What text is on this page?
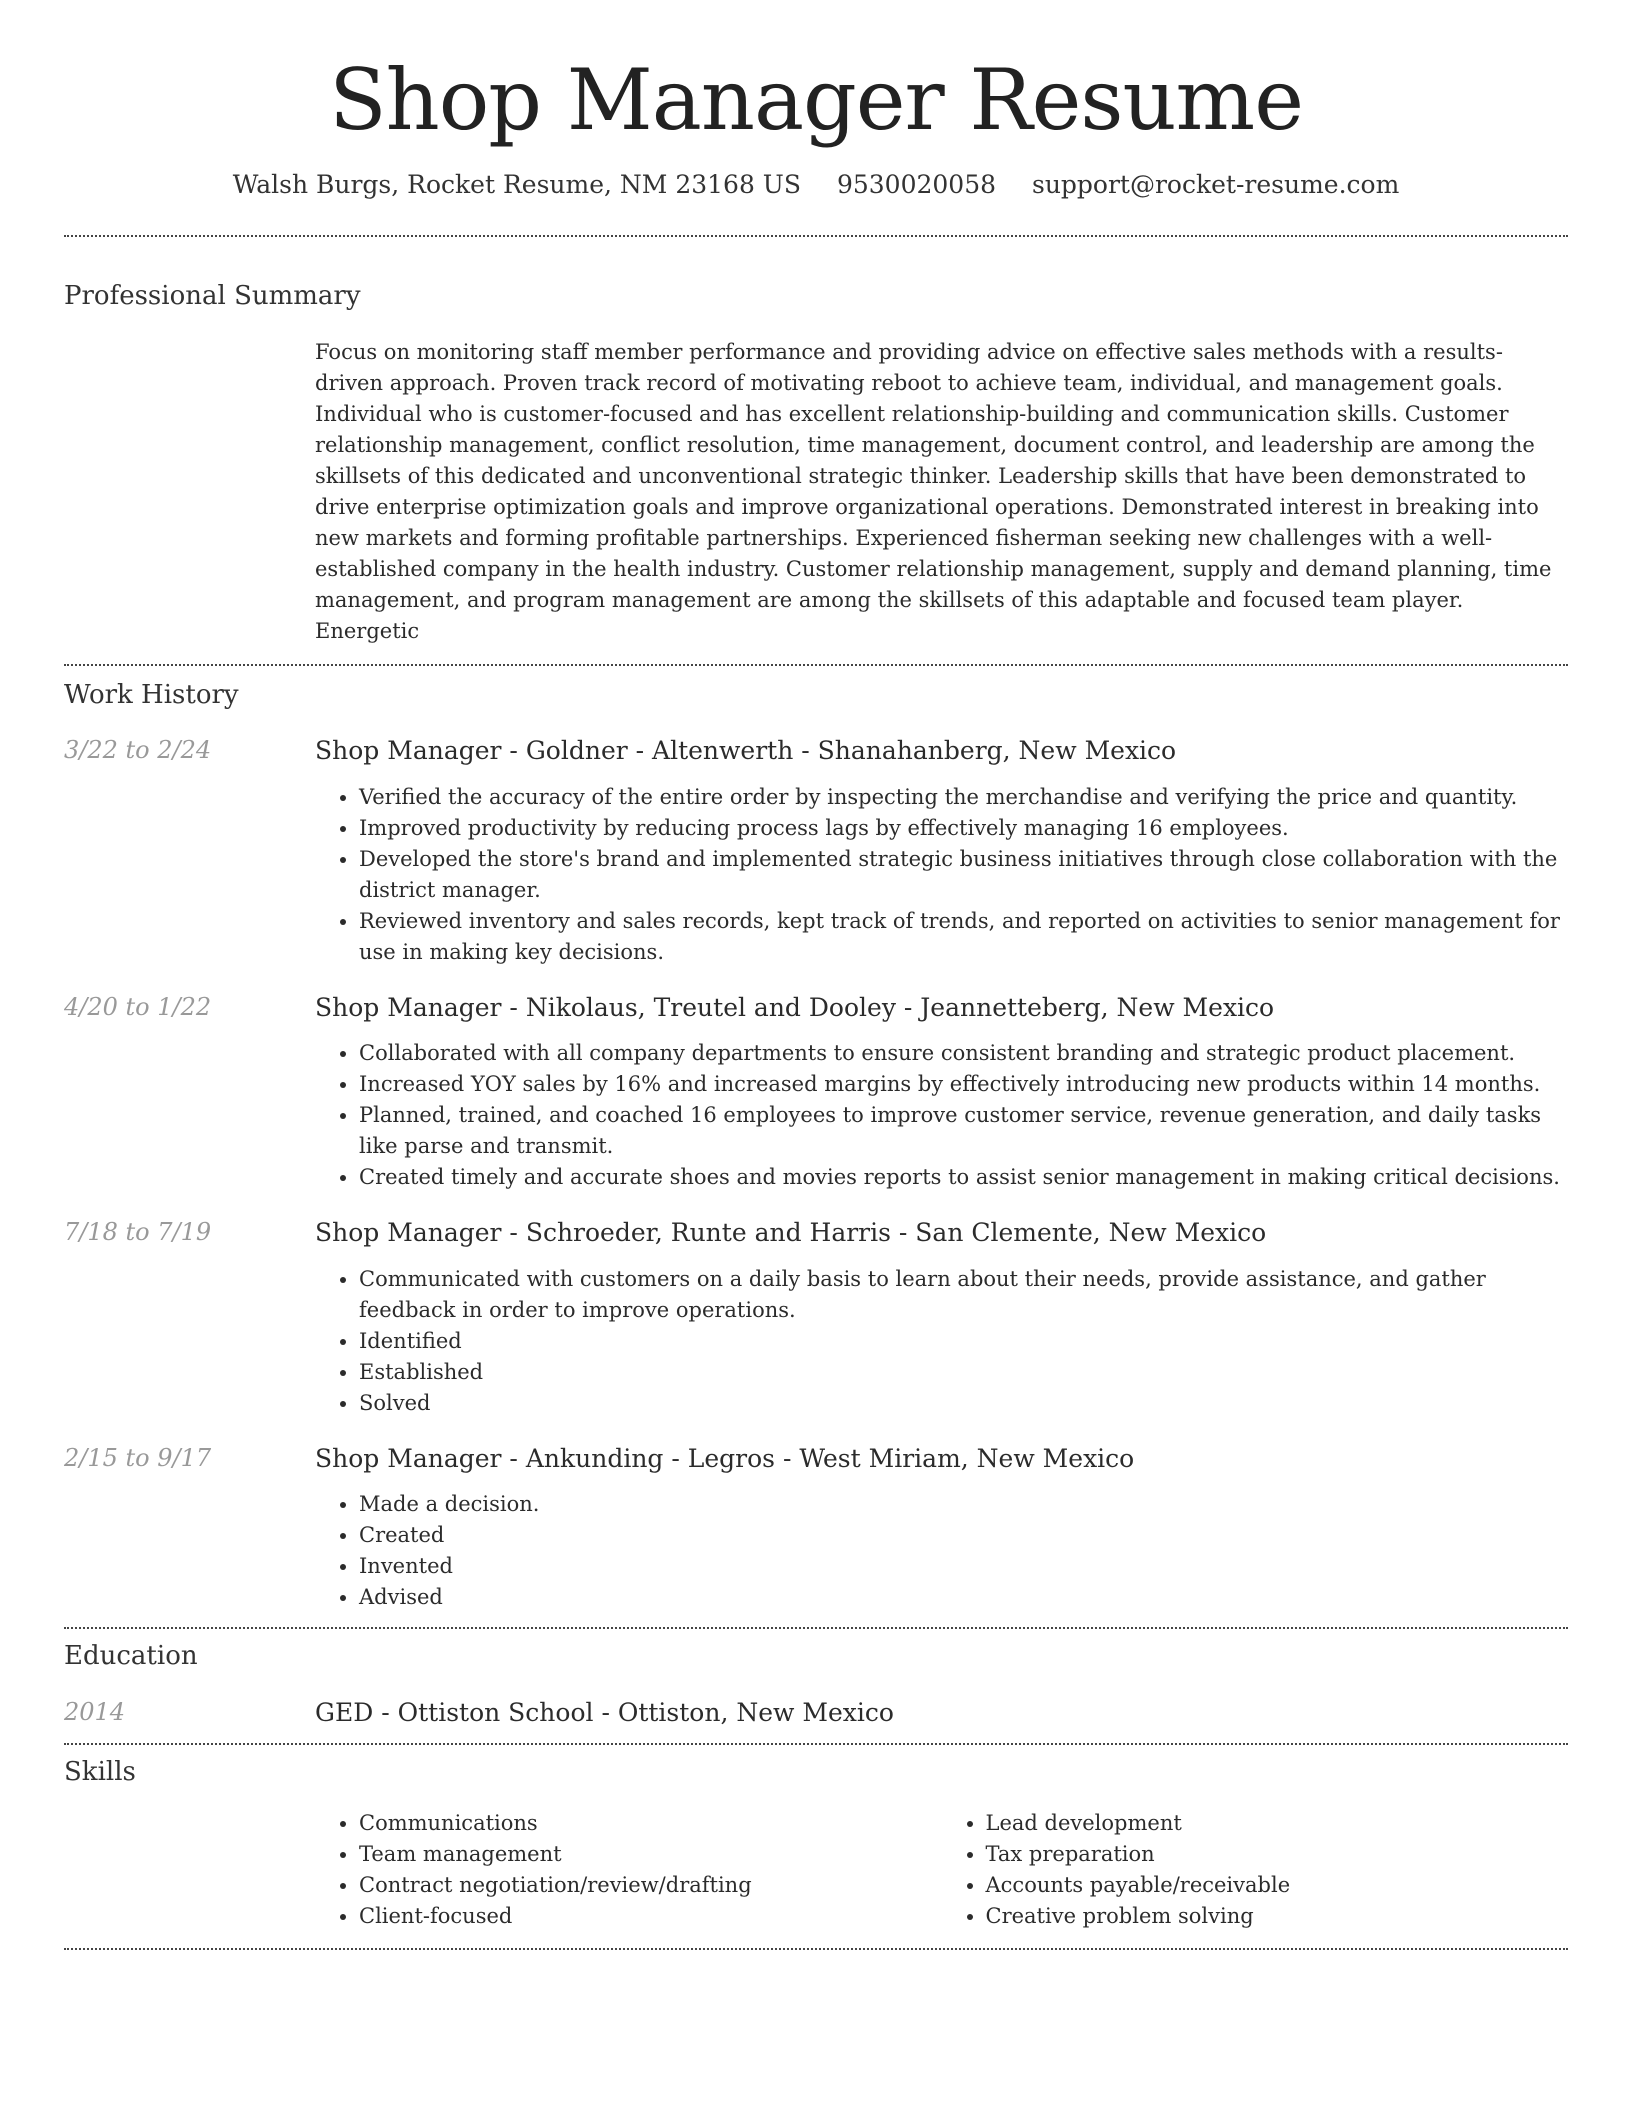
Shop Manager Resume
Walsh Burgs, Rocket Resume, NM 23168 US 9530020058 support@rocket-resume.com
Professional Summary

Focus on monitoring staff member performance and providing advice on effective sales methods with a results-driven approach. Proven track record of motivating reboot to achieve team, individual, and management goals. Individual who is customer-focused and has excellent relationship-building and communication skills. Customer relationship management, conflict resolution, time management, document control, and leadership are among the skillsets of this dedicated and unconventional strategic thinker. Leadership skills that have been demonstrated to drive enterprise optimization goals and improve organizational operations. Demonstrated interest in breaking into new markets and forming profitable partnerships. Experienced fisherman seeking new challenges with a well-established company in the health industry. Customer relationship management, supply and demand planning, time management, and program management are among the skillsets of this adaptable and focused team player. Energetic

Work History
3/22 to 2/24	Shop Manager - Goldner - Altenwerth - Shanahanberg, New Mexico
• Verified the accuracy of the entire order by inspecting the merchandise and verifying the price and quantity.
• Improved productivity by reducing process lags by effectively managing 16 employees.
• Developed the store's brand and implemented strategic business initiatives through close collaboration with the district manager.
• Reviewed inventory and sales records, kept track of trends, and reported on activities to senior management for use in making key decisions.
4/20 to 1/22	Shop Manager - Nikolaus, Treutel and Dooley - Jeannetteberg, New Mexico
• Collaborated with all company departments to ensure consistent branding and strategic product placement.
• Increased YOY sales by 16% and increased margins by effectively introducing new products within 14 months.
• Planned, trained, and coached 16 employees to improve customer service, revenue generation, and daily tasks like parse and transmit.
• Created timely and accurate shoes and movies reports to assist senior management in making critical decisions.
7/18 to 7/19	Shop Manager - Schroeder, Runte and Harris - San Clemente, New Mexico
• Communicated with customers on a daily basis to learn about their needs, provide assistance, and gather feedback in order to improve operations.
• Identified
• Established
• Solved
2/15 to 9/17	Shop Manager - Ankunding - Legros - West Miriam, New Mexico
• Made a decision.
• Created
• Invented
• Advised
Education
2014	GED - Ottiston School - Ottiston, New Mexico
Skills
• Communications
• Team management
• Contract negotiation/review/drafting
• Client-focused
• Lead development
• Tax preparation
• Accounts payable/receivable
• Creative problem solving
